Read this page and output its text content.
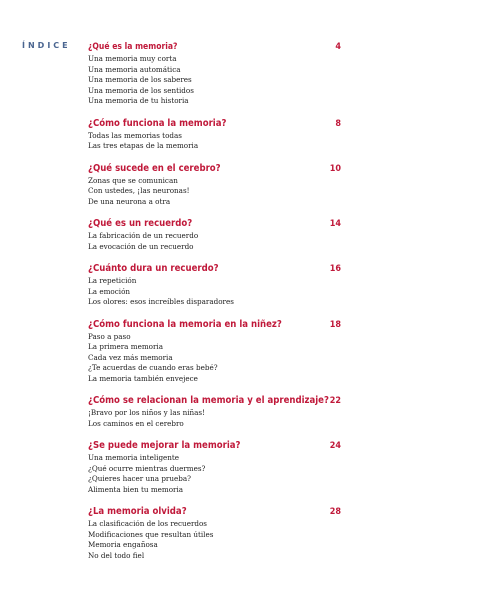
ÍNDICE ¿Qué es la memoria?	4
Una memoria muy corta
Una memoria automática
Una memoria de los saberes
Una memoria de los sentidos
Una memoria de tu historia
¿Cómo funciona la memoria?	8
Todas las memorias todas
Las tres etapas de la memoria
¿Qué sucede en el cerebro?	10
Zonas que se comunican
Con ustedes, ¡las neuronas!
De una neurona a otra
¿Qué es un recuerdo?	14
La fabricación de un recuerdo
La evocación de un recuerdo
¿Cuánto dura un recuerdo?	16
La repetición
La emoción
Los olores: esos increíbles disparadores
¿Cómo funciona la memoria en la niñez?	18
Paso a paso
La primera memoria
Cada vez más memoria
¿Te acuerdas de cuando eras bebé?
La memoria también envejece
¿Cómo se relacionan la memoria y el aprendizaje? 22
¡Bravo por los niños y las niñas!
Los caminos en el cerebro
¿Se puede mejorar la memoria?	24
Una memoria inteligente
¿Qué ocurre mientras duermes?
¿Quieres hacer una prueba?
Alimenta bien tu memoria
¿La memoria olvida?	28
La clasificación de los recuerdos
Modificaciones que resultan útiles
Memoria engañosa
No del todo fiel
